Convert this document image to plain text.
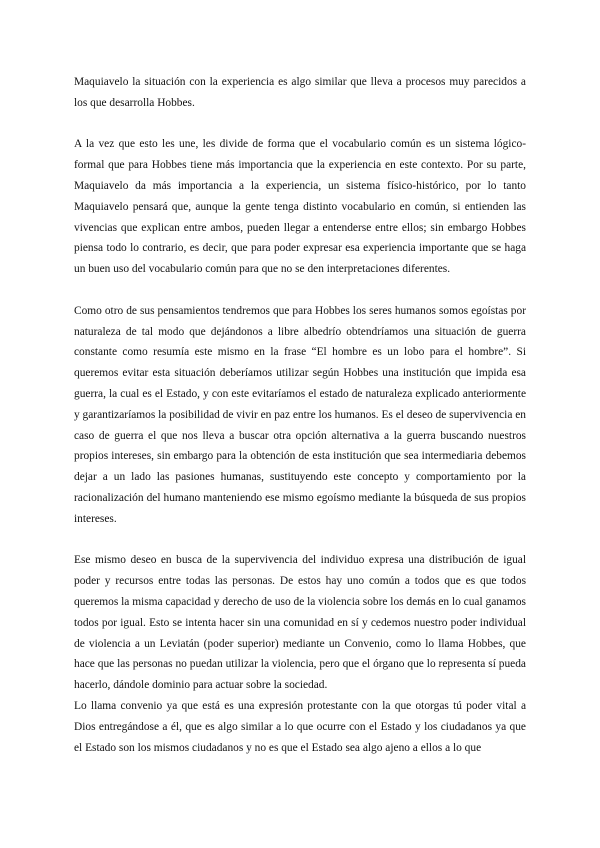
Maquiavelo la situación con la experiencia es algo similar que lleva a procesos muy parecidos a los que desarrolla Hobbes.

A la vez que esto les une, les divide de forma que el vocabulario común es un sistema lógico-formal que para Hobbes tiene más importancia que la experiencia en este contexto. Por su parte, Maquiavelo da más importancia a la experiencia, un sistema físico-histórico, por lo tanto Maquiavelo pensará que, aunque la gente tenga distinto vocabulario en común, si entienden las vivencias que explican entre ambos, pueden llegar a entenderse entre ellos; sin embargo Hobbes piensa todo lo contrario, es decir, que para poder expresar esa experiencia importante que se haga un buen uso del vocabulario común para que no se den interpretaciones diferentes.

Como otro de sus pensamientos tendremos que para Hobbes los seres humanos somos egoístas por naturaleza de tal modo que dejándonos a libre albedrío obtendríamos una situación de guerra constante como resumía este mismo en la frase “El hombre es un lobo para el hombre”. Si queremos evitar esta situación deberíamos utilizar según Hobbes una institución que impida esa guerra, la cual es el Estado, y con este evitaríamos el estado de naturaleza explicado anteriormente y garantizaríamos la posibilidad de vivir en paz entre los humanos. Es el deseo de supervivencia en caso de guerra el que nos lleva a buscar otra opción alternativa a la guerra buscando nuestros propios intereses, sin embargo para la obtención de esta institución que sea intermediaria debemos dejar a un lado las pasiones humanas, sustituyendo este concepto y comportamiento por la racionalización del humano manteniendo ese mismo egoísmo mediante la búsqueda de sus propios intereses.

Ese mismo deseo en busca de la supervivencia del individuo expresa una distribución de igual poder y recursos entre todas las personas. De estos hay uno común a todos que es que todos queremos la misma capacidad y derecho de uso de la violencia sobre los demás en lo cual ganamos todos por igual. Esto se intenta hacer sin una comunidad en sí y cedemos nuestro poder individual de violencia a un Leviatán (poder superior) mediante un Convenio, como lo llama Hobbes, que hace que las personas no puedan utilizar la violencia, pero que el órgano que lo representa sí pueda hacerlo, dándole dominio para actuar sobre la sociedad.

Lo llama convenio ya que está es una expresión protestante con la que otorgas tú poder vital a Dios entregándose a él, que es algo similar a lo que ocurre con el Estado y los ciudadanos ya que el Estado son los mismos ciudadanos y no es que el Estado sea algo ajeno a ellos a lo que
